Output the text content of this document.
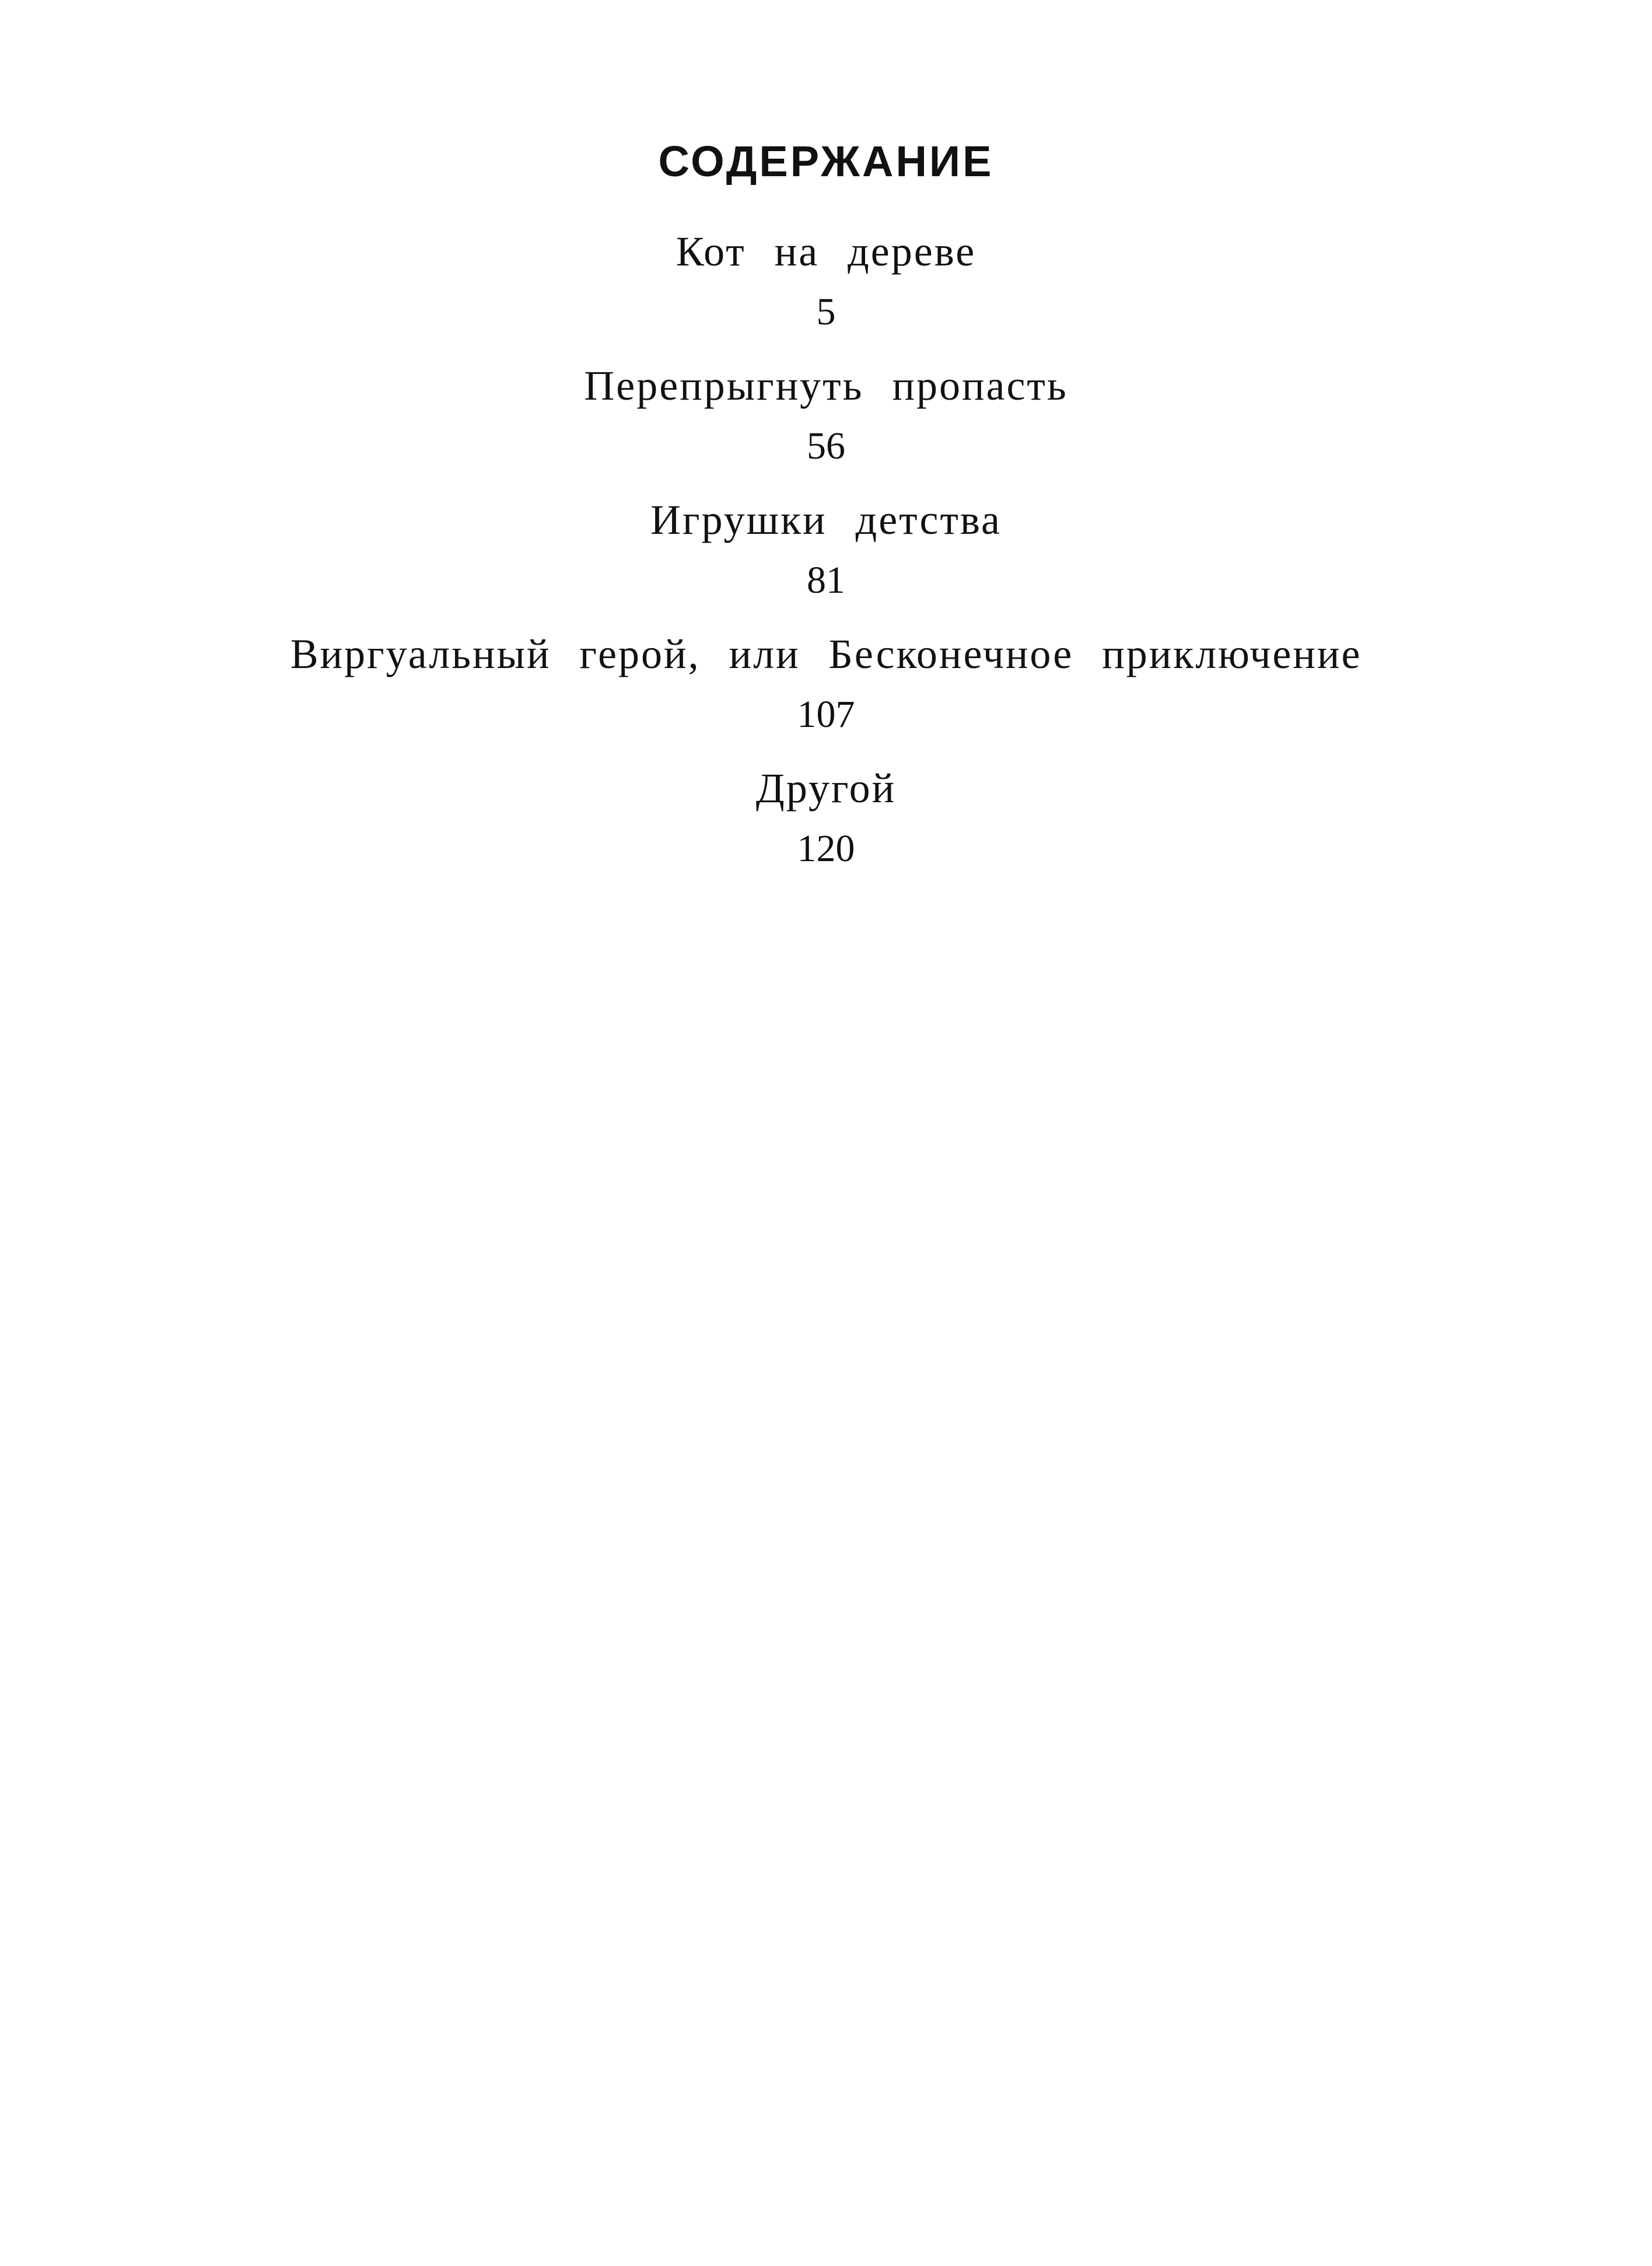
СОДЕРЖАНИЕ
Кот на дереве
5
Перепрыгнуть пропасть
56
Игрушки детства
81
Виргуальный герой, или Бесконечное приключение
107
Другой
120
